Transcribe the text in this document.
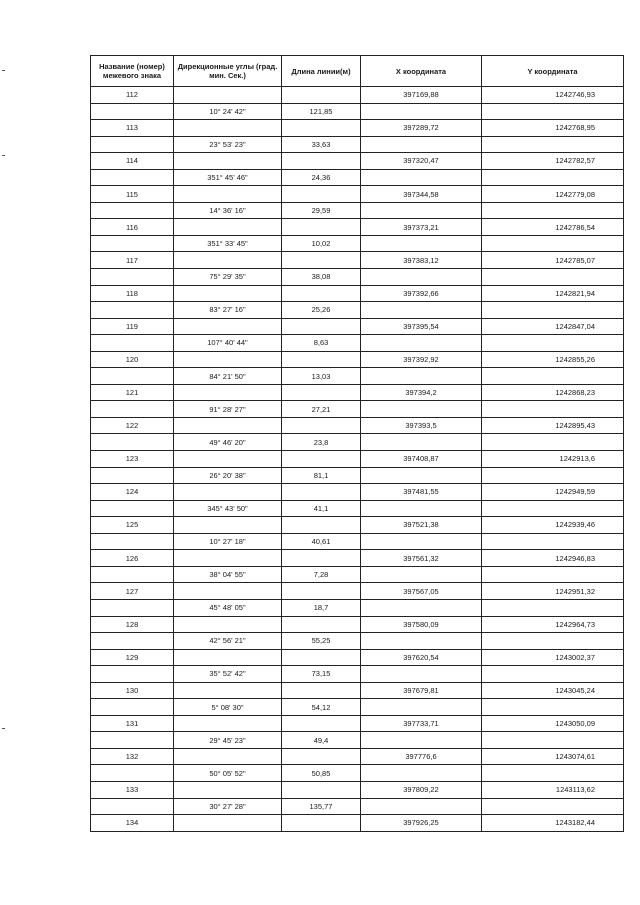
Название (номер) межевого знака	Дирекционные углы (град. мин. Сек.)	Длина линии(м)	X координата	Y координата
112			397169,88	1242746,93
	10° 24' 42"	121,85		
113			397289,72	1242768,95
	23° 53' 23"	33,63		
114			397320,47	1242782,57
	351° 45' 46"	24,36		
115			397344,58	1242779,08
	14° 36' 16"	29,59		
116			397373,21	1242786,54
	351° 33' 45"	10,02		
117			397383,12	1242785,07
	75° 29' 35"	38,08		
118			397392,66	1242821,94
	83° 27' 16"	25,26		
119			397395,54	1242847,04
	107° 40' 44"	8,63		
120			397392,92	1242855,26
	84° 21' 50"	13,03		
121			397394,2	1242868,23
	91° 28' 27"	27,21		
122			397393,5	1242895,43
	49° 46' 20"	23,8		
123			397408,87	1242913,6
	26° 20' 38"	81,1		
124			397481,55	1242949,59
	345° 43' 50"	41,1		
125			397521,38	1242939,46
	10° 27' 18"	40,61		
126			397561,32	1242946,83
	38° 04' 55"	7,28		
127			397567,05	1242951,32
	45° 48' 05"	18,7		
128			397580,09	1242964,73
	42° 56' 21"	55,25		
129			397620,54	1243002,37
	35° 52' 42"	73,15		
130			397679,81	1243045,24
	5° 08' 30"	54,12		
131			397733,71	1243050,09
	29° 45' 23"	49,4		
132			397776,6	1243074,61
	50° 05' 52"	50,85		
133			397809,22	1243113,62
	30° 27' 28"	135,77		
134			397926,25	1243182,44
